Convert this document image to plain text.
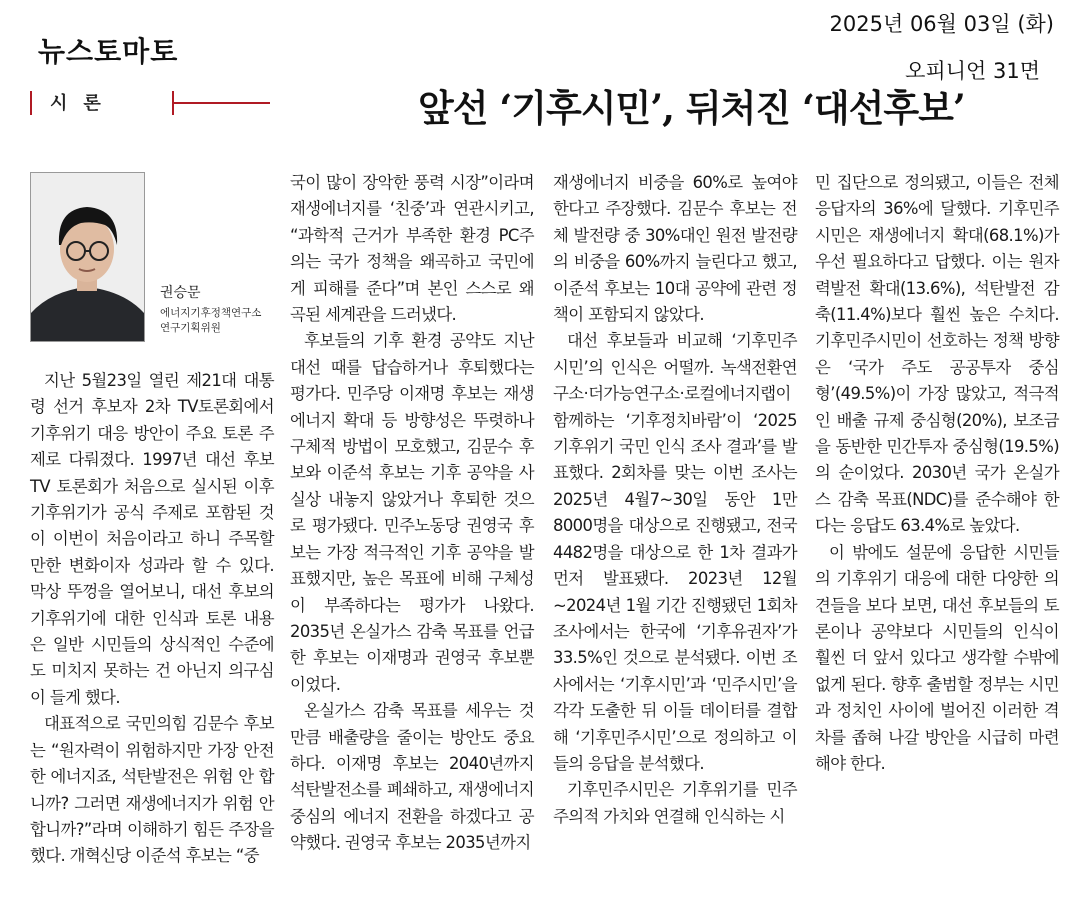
뉴스토마토
2025년 06월 03일 (화)
오피니언 31면
시론	앞선 ‘기후시민’, 뒤처진 ‘대선후보’
권승문
에너지기후정책연구소 연구기획위원

지난 5월23일 열린 제21대 대통령 선거 후보자 2차 TV토론회에서 기후위기 대응 방안이 주요 토론 주제로 다뤄졌다. 1997년 대선 후보 TV 토론회가 처음으로 실시된 이후 기후위기가 공식 주제로 포함된 것이 이번이 처음이라고 하니 주목할 만한 변화이자 성과라 할 수 있다. 막상 뚜껑을 열어보니, 대선 후보의 기후위기에 대한 인식과 토론 내용은 일반 시민들의 상식적인 수준에도 미치지 못하는 건 아닌지 의구심이 들게 했다.

대표적으로 국민의힘 김문수 후보는 “원자력이 위험하지만 가장 안전한 에너지죠, 석탄발전은 위험 안 합니까? 그러면 재생에너지가 위험 안 합니까?”라며 이해하기 힘든 주장을 했다. 개혁신당 이준석 후보는 “중

국이 많이 장악한 풍력 시장”이라며 재생에너지를 ‘친중’과 연관시키고, “과학적 근거가 부족한 환경 PC주의는 국가 정책을 왜곡하고 국민에게 피해를 준다”며 본인 스스로 왜곡된 세계관을 드러냈다.

후보들의 기후 환경 공약도 지난 대선 때를 답습하거나 후퇴했다는 평가다. 민주당 이재명 후보는 재생에너지 확대 등 방향성은 뚜렷하나 구체적 방법이 모호했고, 김문수 후보와 이준석 후보는 기후 공약을 사실상 내놓지 않았거나 후퇴한 것으로 평가됐다. 민주노동당 권영국 후보는 가장 적극적인 기후 공약을 발표했지만, 높은 목표에 비해 구체성이 부족하다는 평가가 나왔다. 2035년 온실가스 감축 목표를 언급한 후보는 이재명과 권영국 후보뿐이었다.

온실가스 감축 목표를 세우는 것만큼 배출량을 줄이는 방안도 중요하다. 이재명 후보는 2040년까지 석탄발전소를 폐쇄하고, 재생에너지 중심의 에너지 전환을 하겠다고 공약했다. 권영국 후보는 2035년까지

재생에너지 비중을 60%로 높여야 한다고 주장했다. 김문수 후보는 전체 발전량 중 30%대인 원전 발전량의 비중을 60%까지 늘린다고 했고, 이준석 후보는 10대 공약에 관련 정책이 포함되지 않았다.

대선 후보들과 비교해 ‘기후민주시민’의 인식은 어떨까. 녹색전환연구소·더가능연구소·로컬에너지랩이 함께하는 ‘기후정치바람’이 ‘2025 기후위기 국민 인식 조사 결과’를 발표했다. 2회차를 맞는 이번 조사는 2025년 4월7~30일 동안 1만8000명을 대상으로 진행됐고, 전국 4482명을 대상으로 한 1차 결과가 먼저 발표됐다. 2023년 12월~2024년 1월 기간 진행됐던 1회차 조사에서는 한국에 ‘기후유권자’가 33.5%인 것으로 분석됐다. 이번 조사에서는 ‘기후시민’과 ‘민주시민’을 각각 도출한 뒤 이들 데이터를 결합해 ‘기후민주시민’으로 정의하고 이들의 응답을 분석했다.

기후민주시민은 기후위기를 민주주의적 가치와 연결해 인식하는 시

민 집단으로 정의됐고, 이들은 전체 응답자의 36%에 달했다. 기후민주시민은 재생에너지 확대(68.1%)가 우선 필요하다고 답했다. 이는 원자력발전 확대(13.6%), 석탄발전 감축(11.4%)보다 훨씬 높은 수치다. 기후민주시민이 선호하는 정책 방향은 ‘국가 주도 공공투자 중심형’(49.5%)이 가장 많았고, 적극적인 배출 규제 중심형(20%), 보조금을 동반한 민간투자 중심형(19.5%)의 순이었다. 2030년 국가 온실가스 감축 목표(NDC)를 준수해야 한다는 응답도 63.4%로 높았다.

이 밖에도 설문에 응답한 시민들의 기후위기 대응에 대한 다양한 의견들을 보다 보면, 대선 후보들의 토론이나 공약보다 시민들의 인식이 훨씬 더 앞서 있다고 생각할 수밖에 없게 된다. 향후 출범할 정부는 시민과 정치인 사이에 벌어진 이러한 격차를 좁혀 나갈 방안을 시급히 마련해야 한다.
